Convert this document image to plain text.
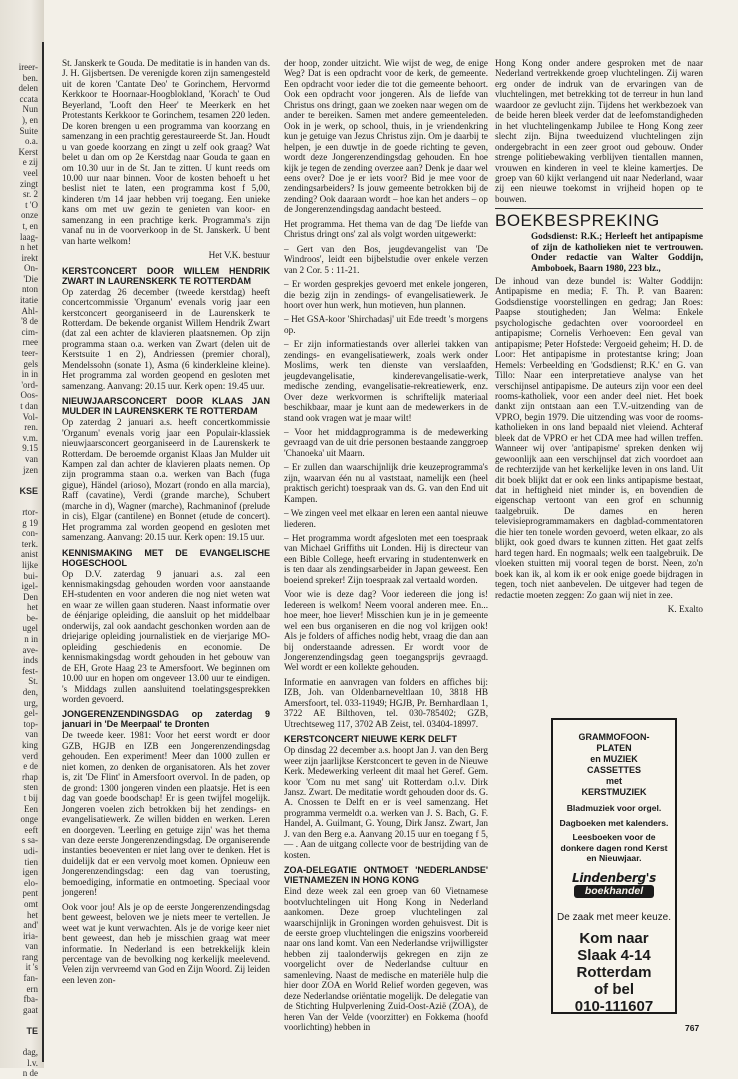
ireer-
ben.
delen
ccata
Nun
), en
Suite
o.a.
Kerst
e zij
veel
zingt
sr. 2
t 'O
onze
t, en
laag-
n het
irekt
On-
'Die
nton
itatie
Ahl-
'8 de
cim-
rnee
teer-
gels
in in
'ord-
Oos-
t dan
Vol-
ren.
v.m.
9.15
van
jzen

KSE

rtor-
g 19
con-
terk.
anist
lijke
bui-
igel-
Den
het
be-
ugel
n in
ave-
inds
fest-
St.
den,
urg,
gel-
top-
van
king
verd
e de
rhap
sten
t bij
Een
onge
eeft
s sa-
udi-
tien
igen
elo-
pent
omt
het
and'
iria-
van
rang
it 's
fan-
ern
fba-
gaat

TE

dag,
l.v.
n de

St. Janskerk te Gouda. De meditatie is in handen van ds. J. H. Gijsbertsen. De verenigde koren zijn samengesteld uit de koren 'Cantate Deo' te Gorinchem, Hervormd Kerkkoor te Hoornaar-Hoogblokland, 'Korach' te Oud Beyerland, 'Looft den Heer' te Meerkerk en het Protestants Kerkkoor te Gorinchem, tesamen 220 leden. De koren brengen u een programma van koorzang en samenzang in een prachtig gerestaureerde St. Jan. Houdt u van goede koorzang en zingt u zelf ook graag? Wat belet u dan om op 2e Kerstdag naar Gouda te gaan en om 10.30 uur in de St. Jan te zitten. U kunt reeds om 10.00 uur naar binnen. Voor de kosten behoeft u het beslist niet te laten, een programma kost f 5,00, kinderen t/m 14 jaar hebben vrij toegang. Een unieke kans om met uw gezin te genieten van koor- en samenzang in een prachtige kerk. Programma's zijn vanaf nu in de voorverkoop in de St. Janskerk. U bent van harte welkom!

Het V.K. bestuur

KERSTCONCERT DOOR WILLEM HENDRIK ZWART IN LAURENSKERK TE ROTTERDAM

Op zaterdag 26 december (tweede kerstdag) heeft concertcommissie 'Organum' evenals vorig jaar een kerstconcert georganiseerd in de Laurenskerk te Rotterdam. De bekende organist Willem Hendrik Zwart (dat zal een achter de klavieren plaatsnemen. Op zijn programma staan o.a. werken van Zwart (delen uit de Kerstsuite 1 en 2), Andriessen (premier choral), Mendelssohn (sonate 1), Asma (6 kinderkleine kleine). Het programma zal worden geopend en gesloten met samenzang. Aanvang: 20.15 uur. Kerk open: 19.45 uur.

NIEUWJAARSCONCERT DOOR KLAAS JAN MULDER IN LAURENSKERK TE ROTTERDAM

Op zaterdag 2 januari a.s. heeft concertkommissie 'Organum' evenals vorig jaar een Populair-klassiek nieuwjaarsconcert georganiseerd in de Laurenskerk te Rotterdam. De beroemde organist Klaas Jan Mulder uit Kampen zal dan achter de klavieren plaats nemen. Op zijn programma staan o.a. werken van Bach (fuga gigue), Händel (arioso), Mozart (rondo en alla marcia), Raff (cavatine), Verdi (grande marche), Schubert (marche in d), Wagner (marche), Rachmaninof (prelude in cis), Elgar (cantilene) en Bonnet (etude de concert). Het programma zal worden geopend en gesloten met samenzang. Aanvang: 20.15 uur. Kerk open: 19.15 uur.

KENNISMAKING MET DE EVANGELISCHE HOGESCHOOL

Op D.V. zaterdag 9 januari a.s. zal een kennismakingsdag gehouden worden voor aanstaande EH-studenten en voor anderen die nog niet weten wat en waar ze willen gaan studeren. Naast informatie over de éénjarige opleiding, die aansluit op het middelbaar onderwijs, zal ook aandacht geschonken worden aan de driejarige opleiding journalistiek en de vierjarige MO-opleiding geschiedenis en economie. De kennismakingsdag wordt gehouden in het gebouw van de EH, Grote Haag 23 te Amersfoort. We beginnen om 10.00 uur en hopen om ongeveer 13.00 uur te eindigen. 's Middags zullen aansluitend toelatingsgesprekken worden gevoerd.

JONGERENZENDINGSDAG op zaterdag 9 januari in 'De Meerpaal' te Dronten

De tweede keer. 1981: Voor het eerst wordt er door GZB, HGJB en IZB een Jongerenzendingsdag gehouden. Een experiment! Meer dan 1000 zullen er niet komen, zo denken de organisatoren. Als het zover is, zit 'De Flint' in Amersfoort overvol. In de paden, op de grond: 1300 jongeren vinden een plaatsje. Het is een dag van goede boodschap! Er is geen twijfel mogelijk. Jongeren voelen zich betrokken bij het zendings- en evangelisatiewerk. Ze willen bidden en werken. Leren en doorgeven. 'Leerling en getuige zijn' was het thema van deze eerste Jongerenzendingsdag. De organiserende instanties beoeventen er niet lang over te denken. Het is duidelijk dat er een vervolg moet komen. Opnieuw een Jongerenzendingsdag: een dag van toerusting, bemoediging, informatie en ontmoeting. Speciaal voor jongeren!

Ook voor jou! Als je op de eerste Jongerenzendingsdag bent geweest, beloven we je niets meer te vertellen. Je weet wat je kunt verwachten. Als je de vorige keer niet bent geweest, dan heb je misschien graag wat meer informatie. In Nederland is een betrekkelijk klein percentage van de bevolking nog kerkelijk meelevend. Velen zijn vervreemd van God en Zijn Woord. Zij leiden een leven zon-

der hoop, zonder uitzicht. Wie wijst de weg, de enige Weg? Dat is een opdracht voor de kerk, de gemeente. Een opdracht voor ieder die tot die gemeente behoort. Ook een opdracht voor jongeren. Als de liefde van Christus ons dringt, gaan we zoeken naar wegen om de ander te bereiken. Samen met andere gemeenteleden. Ook in je werk, op school, thuis, in je vriendenkring kun je getuige van Jezus Christus zijn. Om je daarbij te helpen, je een duwtje in de goede richting te geven, wordt deze Jongerenzendingsdag gehouden. En hoe kijk je tegen de zending overzee aan? Denk je daar wel eens over? Doe je er iets voor? Bid je mee voor de zendingsarbeiders? Is jouw gemeente betrokken bij de zending? Ook daaraan wordt – hoe kan het anders – op de Jongerenzendingsdag aandacht besteed.

Het programma. Het thema van de dag 'De liefde van Christus dringt ons' zal als volgt worden uitgewerkt:

– Gert van den Bos, jeugdevangelist van 'De Windroos', leidt een bijbelstudie over enkele verzen van 2 Cor. 5 : 11-21.

– Er worden gesprekjes gevoerd met enkele jongeren, die bezig zijn in zendings- of evangelisatiewerk. Je hoort over hun werk, hun motieven, hun plannen.

– Het GSA-koor 'Shirchadasj' uit Ede treedt 's morgens op.

– Er zijn informatiestands over allerlei takken van zendings- en evangelisatiewerk, zoals werk onder Moslims, werk ten dienste van verslaafden, jeugdevangelisatie, kinderevangelisatie-werk, medische zending, evangelisatie-rekreatiewerk, enz. Over deze werkvormen is schriftelijk materiaal beschikbaar, maar je kunt aan de medewerkers in de stand ook vragen wat je maar wilt!

– Voor het middagprogramma is de medewerking gevraagd van de uit drie personen bestaande zanggroep 'Chanoeka' uit Maarn.

– Er zullen dan waarschijnlijk drie keuzeprogramma's zijn, waarvan één nu al vaststaat, namelijk een (heel praktisch gericht) toespraak van ds. G. van den End uit Kampen.

– We zingen veel met elkaar en leren een aantal nieuwe liederen.

– Het programma wordt afgesloten met een toespraak van Michael Griffiths uit Londen. Hij is directeur van een Bible College, heeft ervaring in studentenwerk en is ten daar als zendingsarbeider in Japan geweest. Een boeiend spreker! Zijn toespraak zal vertaald worden.

Voor wie is deze dag? Voor iedereen die jong is! Iedereen is welkom! Neem vooral anderen mee. En... hoe meer, hoe liever! Misschien kun je in je gemeente wel een bus organiseren en die nog vol krijgen ook! Als je folders of affiches nodig hebt, vraag die dan aan bij onderstaande adressen. Er wordt voor de Jongerenzendingsdag geen toegangsprijs gevraagd. Wel wordt er een kollekte gehouden.

Informatie en aanvragen van folders en affiches bij: IZB, Joh. van Oldenbarneveltlaan 10, 3818 HB Amersfoort, tel. 033-11949; HGJB, Pr. Bernhardlaan 1, 3722 AE Bilthoven, tel. 030-785402; GZB, Utrechtseweg 117, 3702 AB Zeist, tel. 03404-18997.

KERSTCONCERT NIEUWE KERK DELFT

Op dinsdag 22 december a.s. hoopt Jan J. van den Berg weer zijn jaarlijkse Kerstconcert te geven in de Nieuwe Kerk. Medewerking verleent dit maal het Geref. Gem. koor 'Com nu met sang' uit Rotterdam o.l.v. Dirk Jansz. Zwart. De meditatie wordt gehouden door ds. G. A. Cnossen te Delft en er is veel samenzang. Het programma vermeldt o.a. werken van J. S. Bach, G. F. Handel, A. Guilmant, G. Young, Dirk Jansz. Zwart, Jan J. van den Berg e.a. Aanvang 20.15 uur en toegang f 5,— . Aan de uitgang collecte voor de bestrijding van de kosten.

ZOA-DELEGATIE ONTMOET 'NEDERLANDSE' VIETNAMEZEN IN HONG KONG

Eind deze week zal een groep van 60 Vietnamese bootvluchtelingen uit Hong Kong in Nederland aankomen. Deze groep vluchtelingen zal waarschijnlijk in Groningen worden gehuisvest. Dit is de eerste groep vluchtelingen die enigszins voorbereid naar ons land komt. Van een Nederlandse vrijwilligster hebben zij taalonderwijs gekregen en zijn ze voorgelicht over de Nederlandse cultuur en samenleving. Naast de medische en materiële hulp die hier door ZOA en World Relief worden gegeven, was deze Nederlandse oriëntatie mogelijk. De delegatie van de Stichting Hulpverlening Zuid-Oost-Azië (ZOA), de heren Van der Velde (voorzitter) en Fokkema (hoofd voorlichting) hebben in

Hong Kong onder andere gesproken met de naar Nederland vertrekkende groep vluchtelingen. Zij waren erg onder de indruk van de ervaringen van de vluchtelingen, met betrekking tot de terreur in hun land waardoor ze gevlucht zijn. Tijdens het werkbezoek van de beide heren bleek verder dat de leefomstandigheden in het vluchtelingenkamp Jubilee te Hong Kong zeer slecht zijn. Bijna tweeduizend vluchtelingen zijn ondergebracht in een zeer groot oud gebouw. Onder strenge politiebewaking verblijven tientallen mannen, vrouwen en kinderen in veel te kleine kamertjes. De groep van 60 kijkt verlangend uit naar Nederland, waar zij een nieuwe toekomst in vrijheid hopen op te bouwen.

BOEKBESPREKING
Godsdienst: R.K.; Herleeft het antipapisme of zijn de katholieken niet te vertrouwen. Onder redactie van Walter Goddijn, Amboboek, Baarn 1980, 223 blz.,

De inhoud van deze bundel is: Walter Goddijn: Antipapisme en media; F. Th. P. van Baaren: Godsdienstige voorstellingen en gedrag; Jan Roes: Paapse stoutigheden; Jan Welma: Enkele psychologische gedachten over vooroordeel en antipapisme; Cornelis Verhoeven: Een geval van antipapisme; Peter Hofstede: Vergoeid geheim; H. D. de Loor: Het antipapisme in protestantse kring; Joan Hemels: Verbeelding en 'Godsdienst; R.K.' en G. van Tillo: Naar een interpretatieve analyse van het verschijnsel antipapisme. De auteurs zijn voor een deel rooms-katholiek, voor een ander deel niet. Het boek dankt zijn ontstaan aan een T.V.-uitzending van de VPRO, begin 1979. Die uitzending was voor de rooms-katholieken in ons land bepaald niet vleiend. Achteraf bleek dat de VPRO er het CDA mee had willen treffen. Wanneer wij over 'antipapisme' spreken denken wij gewoonlijk aan een verschijnsel dat zich voordoet aan de rechterzijde van het kerkelijke leven in ons land. Uit dit boek blijkt dat er ook een links antipapisme bestaat, dat in heftigheid niet minder is, en bovendien de eigenschap vertoont van een grof en schunnig taalgebruik. De dames en heren televisieprogrammamakers en dagblad-commentatoren die hier ten tonele worden gevoerd, weten elkaar, zo als blijkt, ook goed dwars te kunnen zitten. Het gaat zelfs hard tegen hard. En nogmaals; welk een taalgebruik. De vloeken stuitten mij vooral tegen de borst. Neen, zo'n boek kan ik, al kom ik er ook enige goede bijdragen in tegen, toch niet aanbevelen. De uitgever had tegen de redactie moeten zeggen: Zo gaan wij niet in zee.

K. Exalto
GRAMMOFOON-
PLATEN
en MUZIEK
CASSETTES
met
KERSTMUZIEK
Bladmuziek voor orgel.
Dagboeken met kalenders.
Leesboeken voor de donkere dagen rond Kerst en Nieuwjaar.
Lindenberg's
boekhandel
De zaak met meer keuze.
Kom naar
Slaak 4-14
Rotterdam
of bel
010-111607
767
